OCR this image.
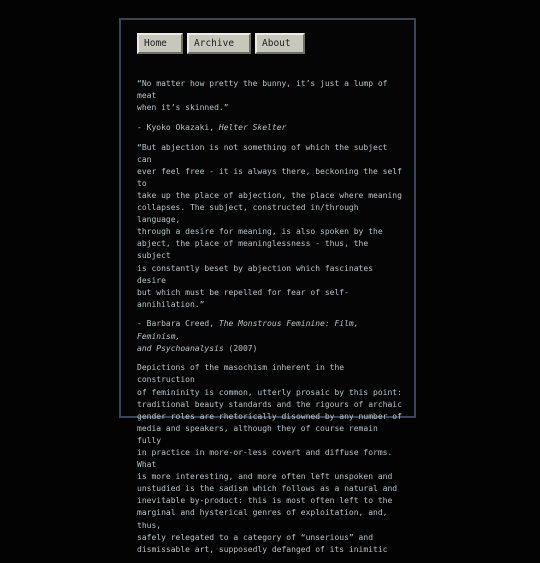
Home	Archive	About

“No matter how pretty the bunny, it’s just a lump of meat
when it’s skinned.”

- Kyoko Okazaki, Helter Skelter

“But abjection is not something of which the subject can
ever feel free - it is always there, beckoning the self to
take up the place of abjection, the place where meaning
collapses. The subject, constructed in/through language,
through a desire for meaning, is also spoken by the
abject, the place of meaninglessness - thus, the subject
is constantly beset by abjection which fascinates desire
but which must be repelled for fear of self-annihilation.”

- Barbara Creed, The Monstrous Feminine: Film, Feminism,
and Psychoanalysis (2007)

Depictions of the masochism inherent in the construction
of femininity is common, utterly prosaic by this point:
traditional beauty standards and the rigours of archaic
gender roles are rhetorically disowned by any number of
media and speakers, although they of course remain fully
in practice in more-or-less covert and diffuse forms. What
is more interesting, and more often left unspoken and
unstudied is the sadism which follows as a natural and
inevitable by-product: this is most often left to the
marginal and hysterical genres of exploitation, and, thus,
safely relegated to a category of “unserious” and
dismissable art, supposedly defanged of its inimitic
